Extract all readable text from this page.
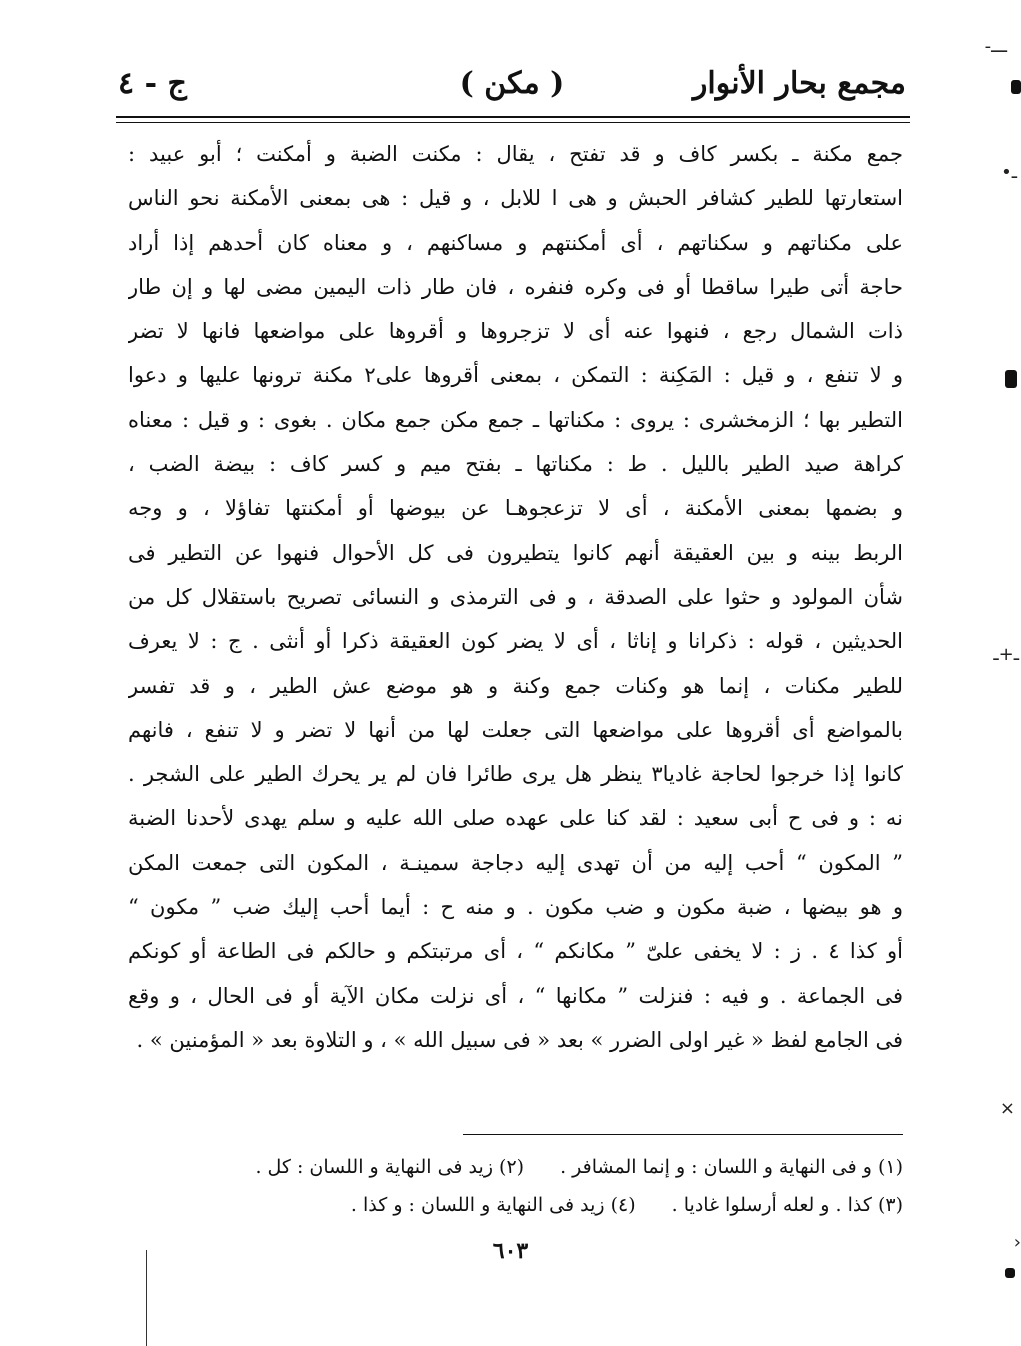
مجمع بحار الأنوار
( مكن )
ج - ٤
جمع مكنة ـ بكسر كاف و قد تفتح ، يقال : مكنت الضبة و أمكنت ؛ أبو عبيد :
استعارتها للطير كشافر الحبش و هى ا للابل ، و قيل : هى بمعنى الأمكنة نحو الناس
على مكناتهم و سكناتهم ، أى أمكنتهم و مساكنهم ، و معناه كان أحدهم إذا أراد
حاجة أتى طيرا ساقطا أو فى وكره فنفره ، فان طار ذات اليمين مضى لها و إن طار
ذات الشمال رجع ، فنهوا عنه أى لا تزجروها و أقروها على مواضعها فانها لا تضر
و لا تنفع ، و قيل : المَكِنة : التمكن ، بمعنى أقروها على٢ مكنة ترونها عليها و دعوا
التطير بها ؛ الزمخشرى : يروى : مكناتها ـ جمع مكن جمع مكان . بغوى : و قيل : معناه
كراهة صيد الطير بالليل . ط : مكناتها ـ بفتح ميم و كسر كاف : بيضة الضب ،
و بضمها بمعنى الأمكنة ، أى لا تزعجوهـا عن بيوضها أو أمكنتها تفاؤلا ، و وجه
الربط بينه و بين العقيقة أنهم كانوا يتطيرون فى كل الأحوال فنهوا عن التطير فى
شأن المولود و حثوا على الصدقة ، و فى الترمذى و النسائى تصريح باستقلال كل من
الحديثين ، قوله : ذكرانا و إناثا ، أى لا يضر كون العقيقة ذكرا أو أنثى . ج : لا يعرف
للطير مكنات ، إنما هو وكنات جمع وكنة و هو موضع عش الطير ، و قد تفسر
بالمواضع أى أقروها على مواضعها التى جعلت لها من أنها لا تضر و لا تنفع ، فانهم
كانوا إذا خرجوا لحاجة غاديا٣ ينظر هل يرى طائرا فان لم ير يحرك الطير على الشجر .
نه : و فى ح أبى سعيد : لقد كنا على عهده صلى الله عليه و سلم يهدى لأحدنا الضبة
” المكون “ أحب إليه من أن تهدى إليه دجاجة سمينـة ، المكون التى جمعت المكن
و هو بيضها ، ضبة مكون و ضب مكون . و منه ح : أيما أحب إليك ضب ” مكون “
أو كذا ٤ . ز : لا يخفى علىّ ” مكانكم “ ، أى مرتبتكم و حالكم فى الطاعة أو كونكم
فى الجماعة . و فيه : فنزلت ” مكانها “ ، أى نزلت مكان الآية أو فى الحال ، و وقع
فى الجامع لفظ « غير اولى الضرر » بعد « فى سبيل الله » ، و التلاوة بعد « المؤمنين » .
(١) و فى النهاية و اللسان : و إنما المشافر .(٢) زيد فى النهاية و اللسان : كل .
(٣) كذا . و لعله أرسلوا غاديا .(٤) زيد فى النهاية و اللسان : و كذا .
٦٠٣
-ـــ
•ـ
ـ+ـ
×
›
